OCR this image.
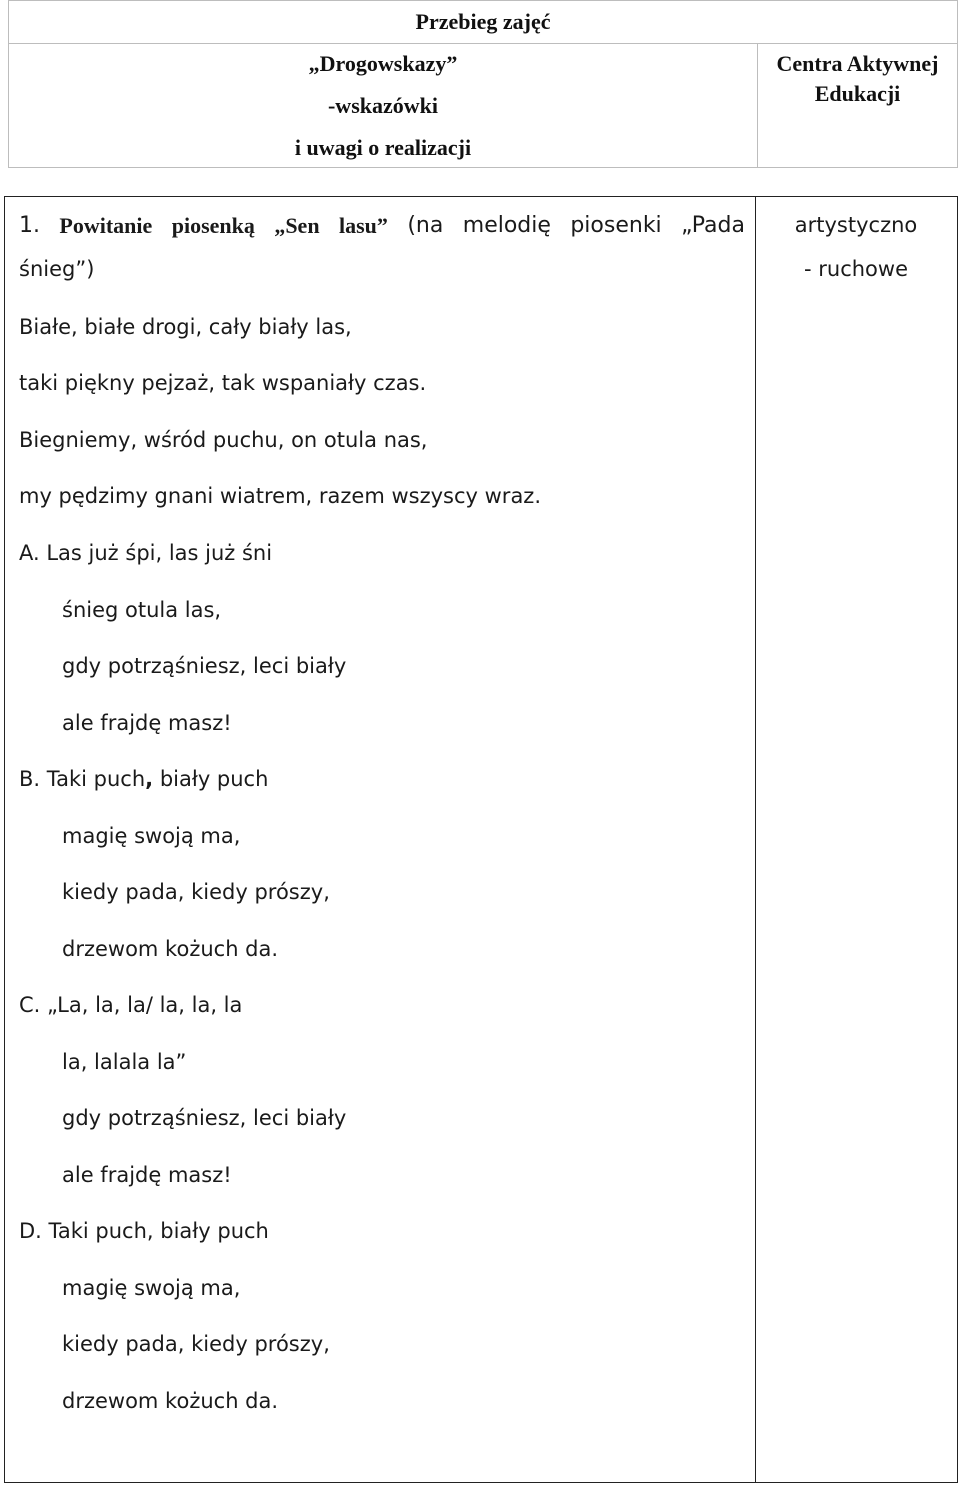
Przebieg zajęć
„Drogowskazy”
-wskazówki
i uwagi o realizacji
Centra Aktywnej
Edukacji
1. Powitanie piosenką „Sen lasu” (na melodię piosenki „Pada
śnieg”)
artystyczno
- ruchowe
Białe, białe drogi, cały biały las,
taki piękny pejzaż, tak wspaniały czas.
Biegniemy, wśród puchu, on otula nas,
my pędzimy gnani wiatrem, razem wszyscy wraz.
A. Las już śpi, las już śni
śnieg otula las,
gdy potrząśniesz, leci biały
ale frajdę masz!
B. Taki puch, biały puch
magię swoją ma,
kiedy pada, kiedy prószy,
drzewom kożuch da.
C. „La, la, la/ la, la, la
la, lalala la”
gdy potrząśniesz, leci biały
ale frajdę masz!
D. Taki puch, biały puch
magię swoją ma,
kiedy pada, kiedy prószy,
drzewom kożuch da.
